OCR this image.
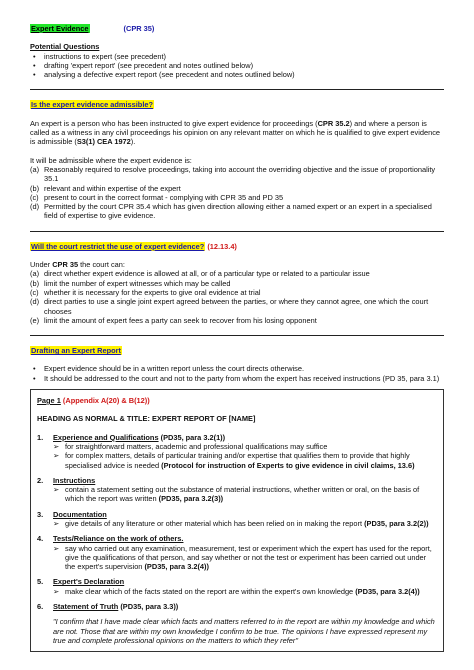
Expert Evidence	(CPR 35)
Potential Questions
• instructions to expert (see precedent)
• drafting 'expert report' (see precedent and notes outlined below)
• analysing a defective expert report (see precedent and notes outlined below)
Is the expert evidence admissible?
An expert is a person who has been instructed to give expert evidence for proceedings (CPR 35.2) and where a person is called as a witness in any civil proceedings his opinion on any relevant matter on which he is qualified to give expert evidence is admissible (S3(1) CEA 1972).
It will be admissible where the expert evidence is:
(a) Reasonably required to resolve proceedings, taking into account the overriding objective and the issue of proportionality 35.1
(b) relevant and within expertise of the expert
(c) present to court in the correct format - complying with CPR 35 and PD 35
(d) Permitted by the court CPR 35.4 which has given direction allowing either a named expert or an expert in a specialised field of expertise to give evidence.
Will the court restrict the use of expert evidence? (12.13.4)
Under CPR 35 the court can:
(a) direct whether expert evidence is allowed at all, or of a particular type or related to a particular issue
(b) limit the number of expert witnesses which may be called
(c) whether it is necessary for the experts to give oral evidence at trial
(d) direct parties to use a single joint expert agreed between the parties, or where they cannot agree, one which the court chooses
(e) limit the amount of expert fees a party can seek to recover from his losing opponent
Drafting an Expert Report
• Expert evidence should be in a written report unless the court directs otherwise.
• It should be addressed to the court and not to the party from whom the expert has received instructions (PD 35, para 3.1)
Page 1 (Appendix A(20) & B(12))
HEADING AS NORMAL & TITLE: EXPERT REPORT OF [NAME]
1.	Experience and Qualifications (PD35, para 3.2(1))
➢ for straightforward matters, academic and professional qualifications may suffice
➢ for complex matters, details of particular training and/or expertise that qualifies them to provide that highly specialised advice is needed (Protocol for instruction of Experts to give evidence in civil claims, 13.6)
2.	Instructions
➢ contain a statement setting out the substance of material instructions, whether written or oral, on the basis of which the report was written (PD35, para 3.2(3))
3.	Documentation
➢ give details of any literature or other material which has been relied on in making the report (PD35, para 3.2(2))
4.	Tests/Reliance on the work of others.
➢ say who carried out any examination, measurement, test or experiment which the expert has used for the report, give the qualifications of that person, and say whether or not the test or experiment has been carried out under the expert's supervision (PD35, para 3.2(4))
5.	Expert's Declaration
➢ make clear which of the facts stated on the report are within the expert's own knowledge (PD35, para 3.2(4))
6.	Statement of Truth (PD35, para 3.3))
"I confirm that I have made clear which facts and matters referred to in the report are within my knowledge and which are not. Those that are within my own knowledge I confirm to be true. The opinions I have expressed represent my true and complete professional opinions on the matters to which they refer"
